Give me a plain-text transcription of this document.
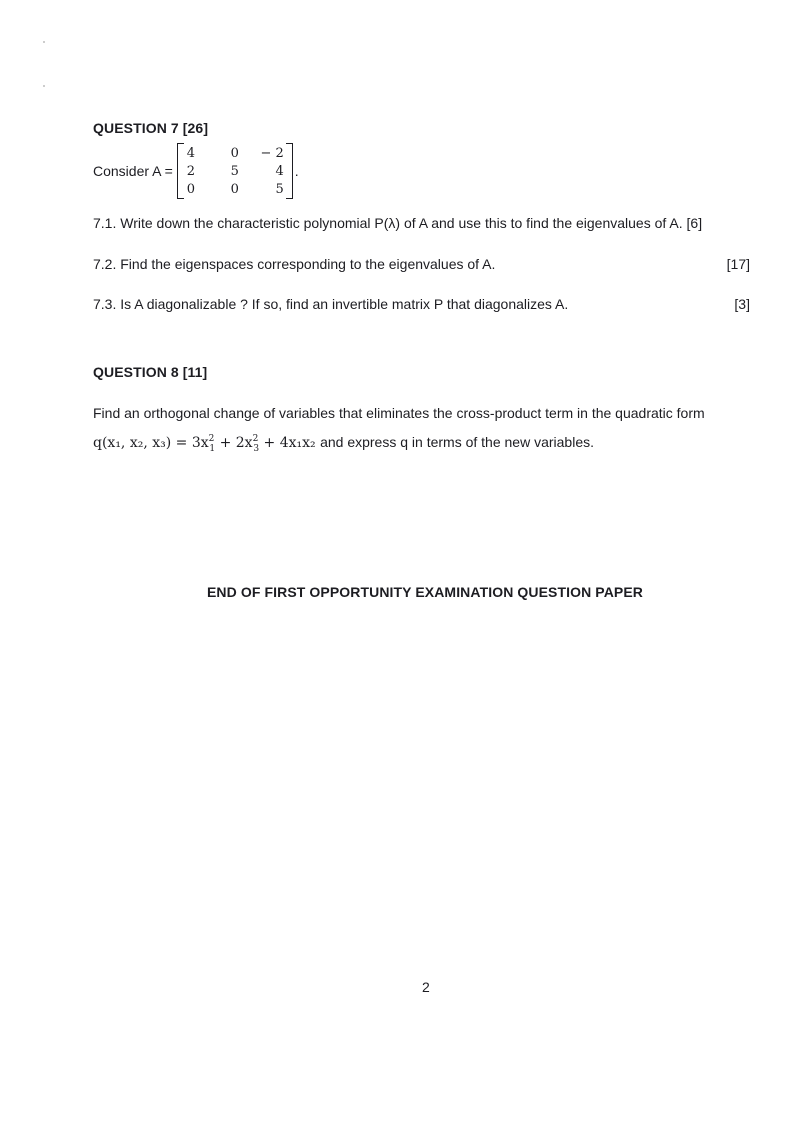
QUESTION 7 [26]
Consider A =
4	0	− 2
2	5	4
0	0	5
.
7.1. Write down the characteristic polynomial P(λ) of A and use this to find the eigenvalues of A. [6]
7.2. Find the eigenspaces corresponding to the eigenvalues of A.	[17]
7.3. Is A diagonalizable ? If so, find an invertible matrix P that diagonalizes A.	[3]
QUESTION 8 [11]
Find an orthogonal change of variables that eliminates the cross-product term in the quadratic form
q(x₁, x₂, $x_3) = 3x^2_1 + 2x^2_3 + 4x_1x_2$ and express q in terms of the new variables.
END OF FIRST OPPORTUNITY EXAMINATION QUESTION PAPER
2
